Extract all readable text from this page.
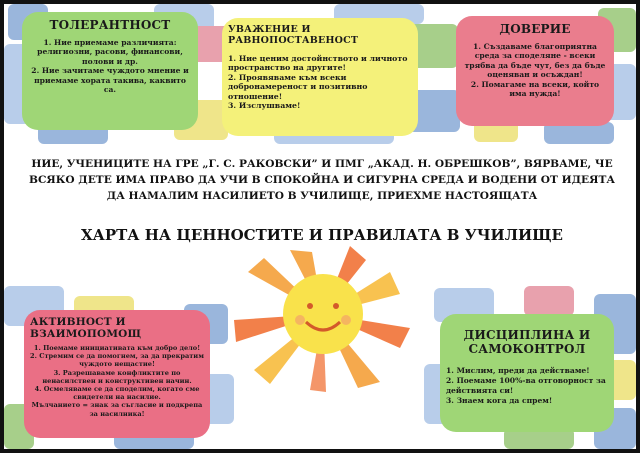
ТОЛЕРАНТНОСТ
1. Ние приемаме различията: религиозни, расови, финансови, полови и др.
2. Ние зачитаме чуждото мнение и приемаме хората такива, каквито са.
УВАЖЕНИЕ И РАВНОПОСТАВЕНОСТ
1. Ние ценим достойнството и личното пространство на другите!
2. Проявяваме към всеки добронамереност и позитивно отношение!
3. Изслушваме!
ДОВЕРИЕ
1. Създаваме благоприятна среда за споделяне - всеки трябва да бъде чут, без да бъде оценяван и осъждан!
2. Помагаме на всеки, който има нужда!
НИЕ, УЧЕНИЦИТЕ НА ГРЕ „Г. С. РАКОВСКИ” И ПМГ „АКАД. Н. ОБРЕШКОВ”, ВЯРВАМЕ, ЧЕ ВСЯКО ДЕТЕ ИМА ПРАВО ДА УЧИ В СПОКОЙНА И СИГУРНА СРЕДА И ВОДЕНИ ОТ ИДЕЯТА ДА НАМАЛИМ НАСИЛИЕТО В УЧИЛИЩЕ, ПРИЕХМЕ НАСТОЯЩАТА
ХАРТА НА ЦЕННОСТИТЕ И ПРАВИЛАТА В УЧИЛИЩЕ
АКТИВНОСТ И ВЗАИМОПОМОЩ
1. Поемаме инициативата към добро дело!
2. Стремим се да помогнем, за да прекратим чуждото нещастие!
3. Разрешаваме конфликтите по ненасилствен и конструктивен начин.
4. Осмеляваме се да споделим, когато сме свидетели на насилие.
Мълчанието = знак за съгласие и подкрепа за насилника!
ДИСЦИПЛИНА И САМОКОНТРОЛ
1. Мислим, преди да действаме!
2. Поемаме 100%-ва отговорност за действията си!
3. Знаем кога да спрем!
